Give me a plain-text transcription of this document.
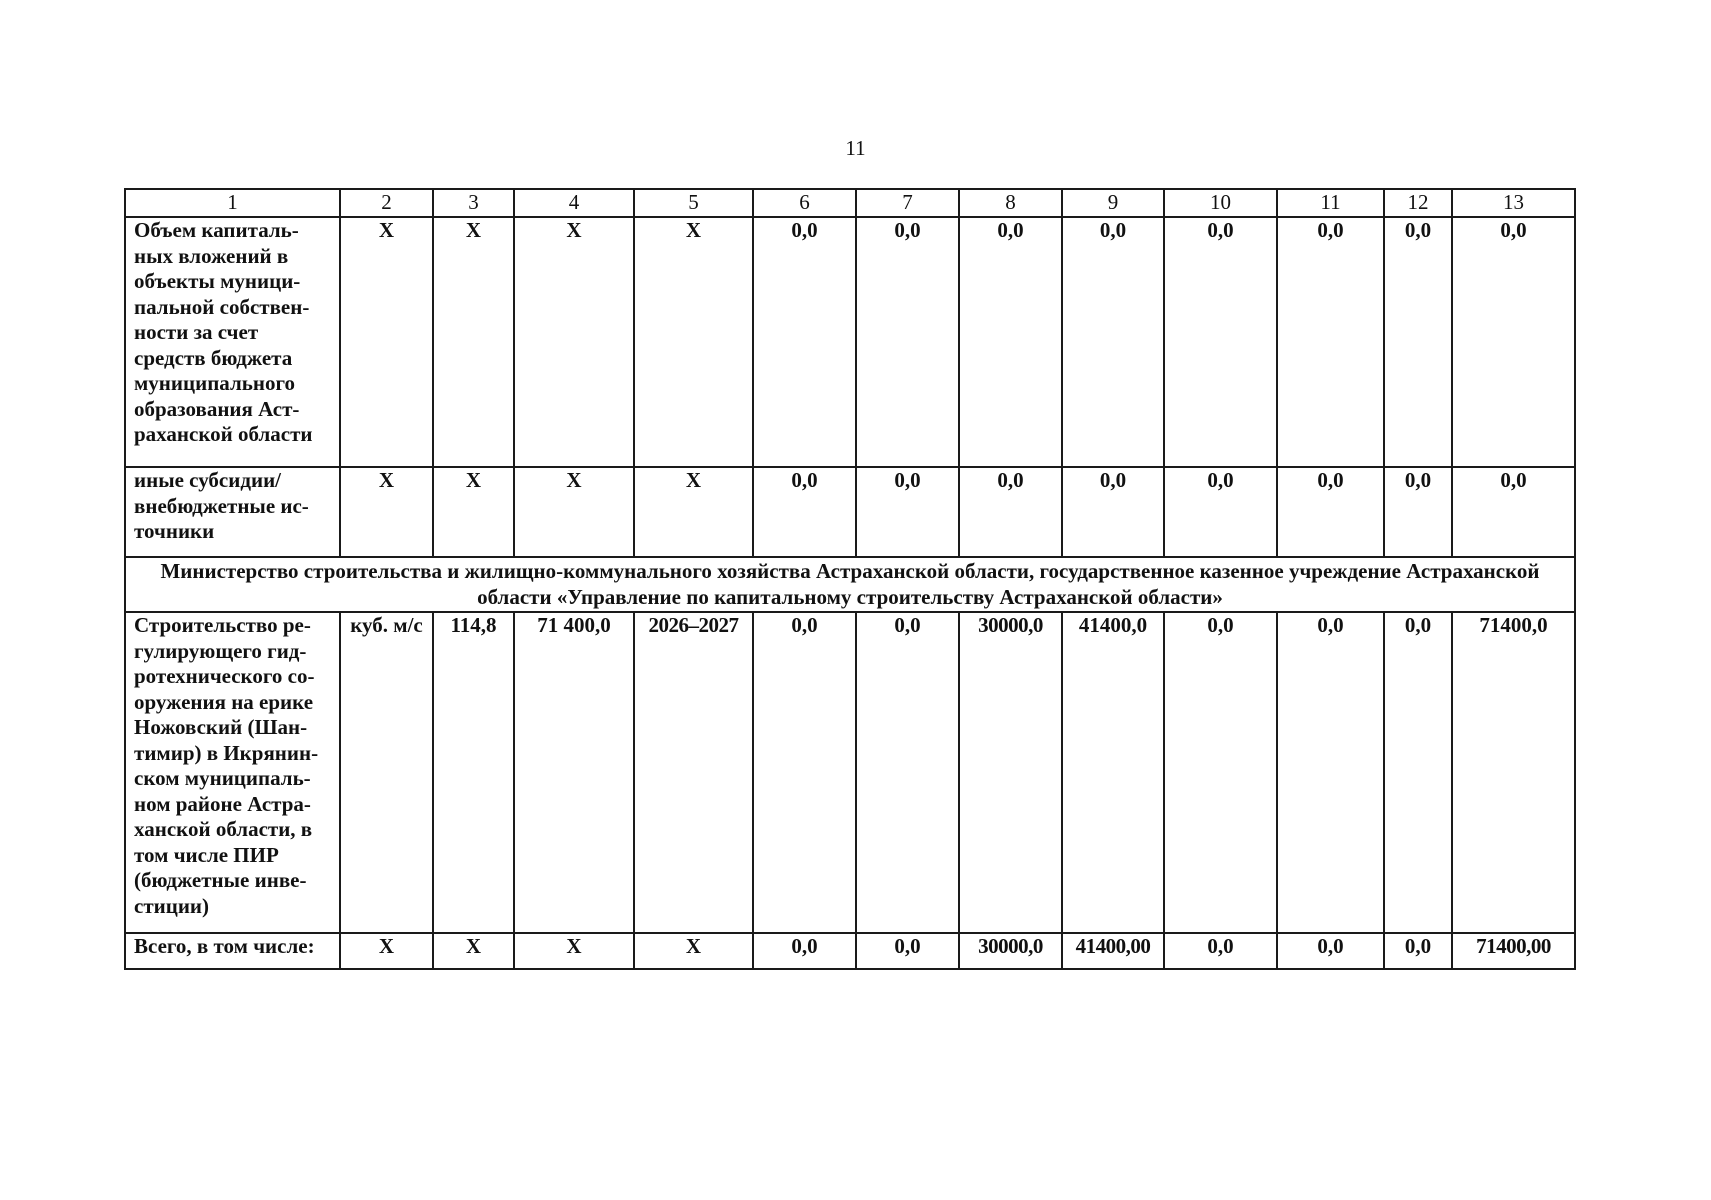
11
1	2	3	4	5	6	7	8	9	10	11	12	13
Объем капиталь-ных вложений в объекты муници-пальной собствен-ности за счет средств бюджета муниципального образования Аст-раханской области	Х	Х	Х	Х	0,0	0,0	0,0	0,0	0,0	0,0	0,0	0,0
иные субсидии/ внебюджетные ис-точники	Х	Х	Х	Х	0,0	0,0	0,0	0,0	0,0	0,0	0,0	0,0
Министерство строительства и жилищно-коммунального хозяйства Астраханской области, государственное казенное учреждение Астраханской области «Управление по капитальному строительству Астраханской области»												
Строительство ре-гулирующего гид-ротехнического со-оружения на ерике Ножовский (Шан-тимир) в Икрянин-ском муниципаль-ном районе Астра-ханской области, в том числе ПИР (бюджетные инве-стиции)	куб. м/с	114,8	71 400,0	2026–2027	0,0	0,0	30000,0	41400,0	0,0	0,0	0,0	71400,0
Всего, в том числе:	Х	Х	Х	Х	0,0	0,0	30000,0	41400,00	0,0	0,0	0,0	71400,00
